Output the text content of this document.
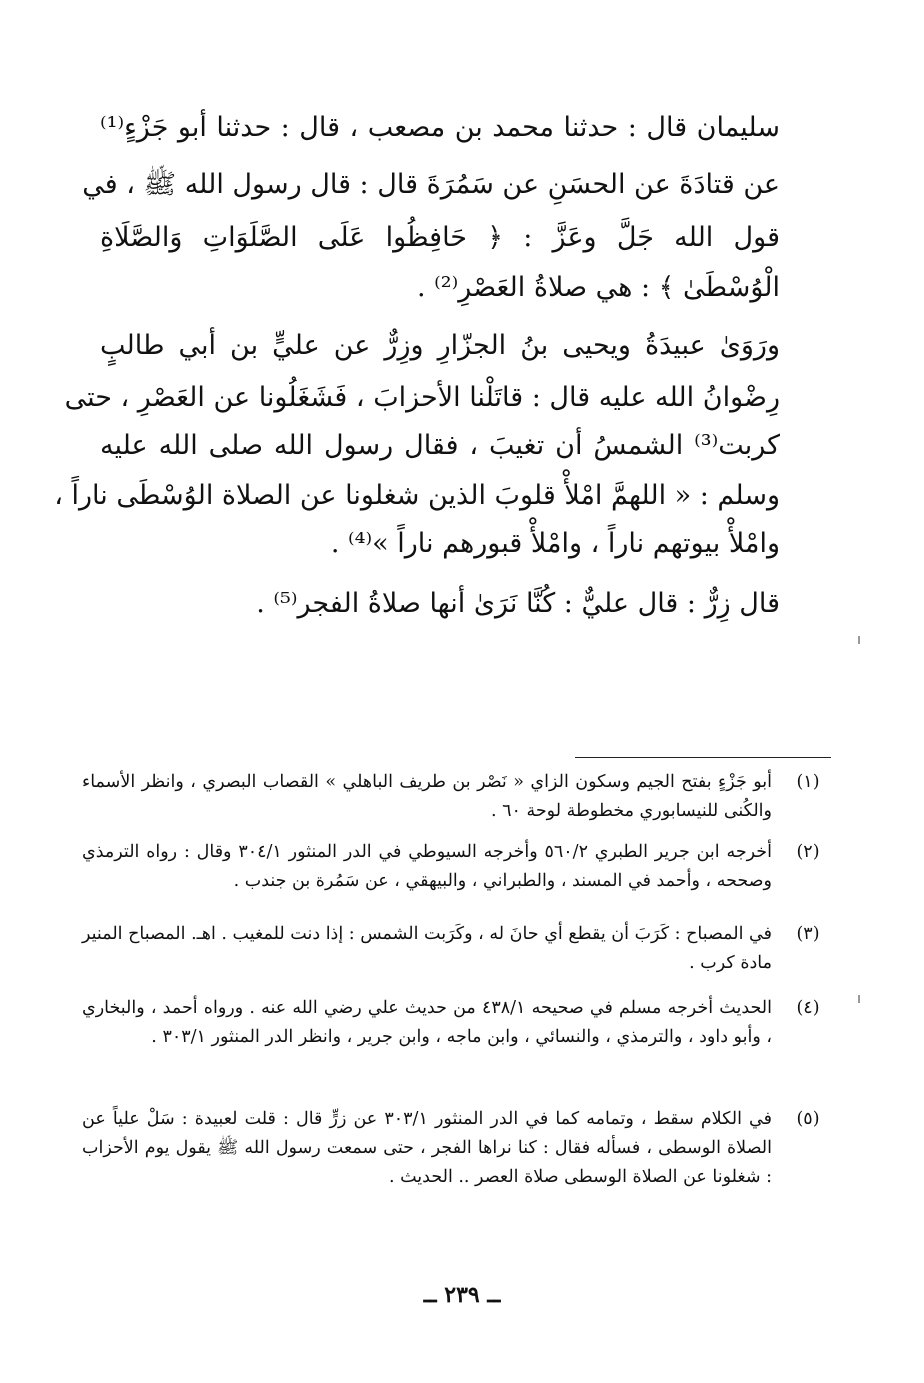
سليمان قال : حدثنا محمد بن مصعب ، قال : حدثنا أبو جَزْءٍ⁽¹⁾
عن قتادَةَ عن الحسَنِ عن سَمُرَةَ قال : قال رسول الله ﷺ ، في
قول الله جَلَّ وعَزَّ : ﴿ حَافِظُوا عَلَى الصَّلَوَاتِ وَالصَّلَاةِ
الْوُسْطَىٰ ﴾ : هي صلاةُ العَصْرِ⁽²⁾ .
ورَوَىٰ عبيدَةُ ويحيى بنُ الجزّارِ وزِرٌّ عن عليٍّ بن أبي طالبٍ
رِضْوانُ الله عليه قال : قاتَلْنا الأحزابَ ، فَشَغَلُونا عن العَصْرِ ، حتى
كربت⁽³⁾ الشمسُ أن تغيبَ ، فقال رسول الله صلى الله عليه
وسلم : « اللهمَّ امْلأْ قلوبَ الذين شغلونا عن الصلاة الوُسْطَى ناراً ،
وامْلأْ بيوتهم ناراً ، وامْلأْ قبورهم ناراً »⁽⁴⁾ .
قال زِرٌّ : قال عليٌّ : كُنَّا نَرَىٰ أنها صلاةُ الفجر⁽⁵⁾ .
(١)
أبو جَزْءٍ بفتح الجيم وسكون الزاي « نَصْر بن طريف الباهلي » القصاب البصري ، وانظر الأسماء والكُنى للنيسابوري مخطوطة لوحة ٦٠ .
(٢)
أخرجه ابن جرير الطبري ٥٦٠/٢ وأخرجه السيوطي في الدر المنثور ٣٠٤/١ وقال : رواه الترمذي وصححه ، وأحمد في المسند ، والطبراني ، والبيهقي ، عن سَمُرة بن جندب .
(٣)
في المصباح : كَرَبَ أن يقطع أي حانَ له ، وكَرَبت الشمس : إذا دنت للمغيب . اهـ. المصباح المنير مادة كرب .
(٤)
الحديث أخرجه مسلم في صحيحه ٤٣٨/١ من حديث علي رضي الله عنه . ورواه أحمد ، والبخاري ، وأبو داود ، والترمذي ، والنسائي ، وابن ماجه ، وابن جرير ، وانظر الدر المنثور ٣٠٣/١ .
(٥)
في الكلام سقط ، وتمامه كما في الدر المنثور ٣٠٣/١ عن زرٍّ قال : قلت لعبيدة : سَلْ علياً عن الصلاة الوسطى ، فسأله فقال : كنا نراها الفجر ، حتى سمعت رسول الله ﷺ يقول يوم الأحزاب : شغلونا عن الصلاة الوسطى صلاة العصر .. الحديث .
ــ ٢٣٩ ــ
